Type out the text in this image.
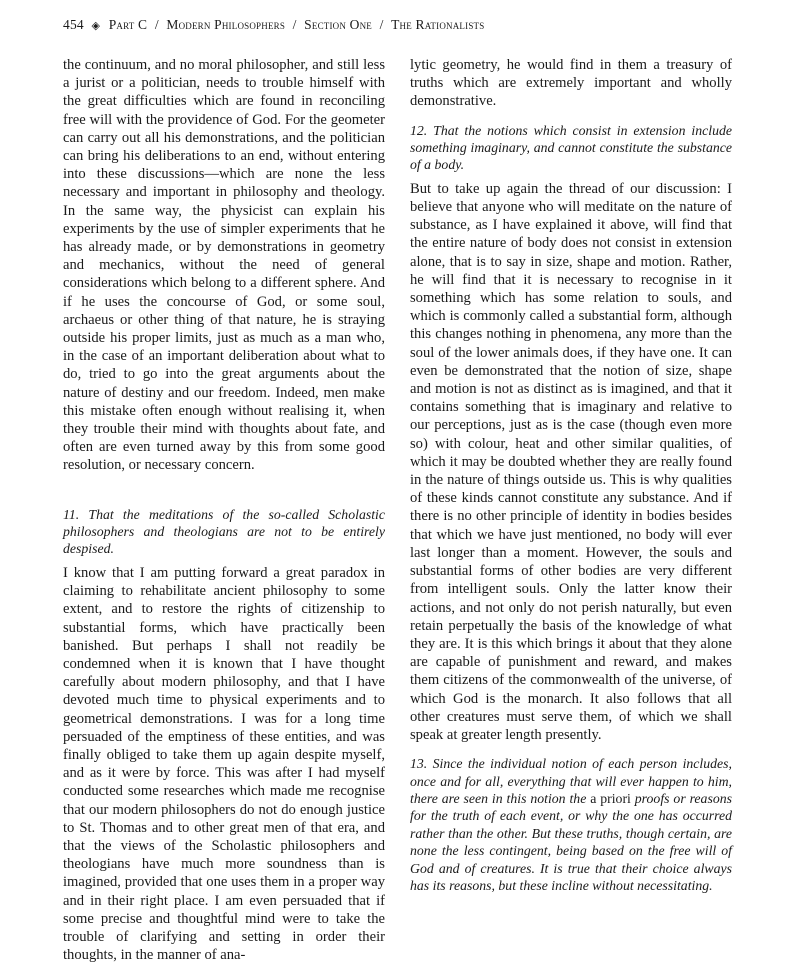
454 ◈ Part C / Modern Philosophers / Section One / The Rationalists

the continuum, and no moral philosopher, and still less a jurist or a politician, needs to trouble himself with the great difficulties which are found in reconciling free will with the providence of God. For the geometer can carry out all his demonstrations, and the politician can bring his deliberations to an end, without entering into these discussions—which are none the less necessary and important in philosophy and theology. In the same way, the physicist can explain his experiments by the use of simpler experiments that he has already made, or by demonstrations in geometry and mechanics, without the need of general considerations which belong to a different sphere. And if he uses the concourse of God, or some soul, archaeus or other thing of that nature, he is straying outside his proper limits, just as much as a man who, in the case of an important deliberation about what to do, tried to go into the great arguments about the nature of destiny and our freedom. Indeed, men make this mistake often enough without realising it, when they trouble their mind with thoughts about fate, and often are even turned away by this from some good resolution, or necessary concern.

11. That the meditations of the so-called Scholastic philosophers and theologians are not to be entirely despised.

I know that I am putting forward a great paradox in claiming to rehabilitate ancient philosophy to some extent, and to restore the rights of citizenship to substantial forms, which have practically been banished. But perhaps I shall not readily be condemned when it is known that I have thought carefully about modern philosophy, and that I have devoted much time to physical experiments and to geometrical demonstrations. I was for a long time persuaded of the emptiness of these entities, and was finally obliged to take them up again despite myself, and as it were by force. This was after I had myself conducted some researches which made me recognise that our modern philosophers do not do enough justice to St. Thomas and to other great men of that era, and that the views of the Scholastic philosophers and theologians have much more soundness than is imagined, provided that one uses them in a proper way and in their right place. I am even persuaded that if some precise and thoughtful mind were to take the trouble of clarifying and setting in order their thoughts, in the manner of ana-

lytic geometry, he would find in them a treasury of truths which are extremely important and wholly demonstrative.

12. That the notions which consist in extension include something imaginary, and cannot constitute the substance of a body.

But to take up again the thread of our discussion: I believe that anyone who will meditate on the nature of substance, as I have explained it above, will find that the entire nature of body does not consist in extension alone, that is to say in size, shape and motion. Rather, he will find that it is necessary to recognise in it something which has some relation to souls, and which is commonly called a substantial form, although this changes nothing in phenomena, any more than the soul of the lower animals does, if they have one. It can even be demonstrated that the notion of size, shape and motion is not as distinct as is imagined, and that it contains something that is imaginary and relative to our perceptions, just as is the case (though even more so) with colour, heat and other similar qualities, of which it may be doubted whether they are really found in the nature of things outside us. This is why qualities of these kinds cannot constitute any substance. And if there is no other principle of identity in bodies besides that which we have just mentioned, no body will ever last longer than a moment. However, the souls and substantial forms of other bodies are very different from intelligent souls. Only the latter know their actions, and not only do not perish naturally, but even retain perpetually the basis of the knowledge of what they are. It is this which brings it about that they alone are capable of punishment and reward, and makes them citizens of the commonwealth of the universe, of which God is the monarch. It also follows that all other creatures must serve them, of which we shall speak at greater length presently.

13. Since the individual notion of each person includes, once and for all, everything that will ever happen to him, there are seen in this notion the a priori proofs or reasons for the truth of each event, or why the one has occurred rather than the other. But these truths, though certain, are none the less contingent, being based on the free will of God and of creatures. It is true that their choice always has its reasons, but these incline without necessitating.
